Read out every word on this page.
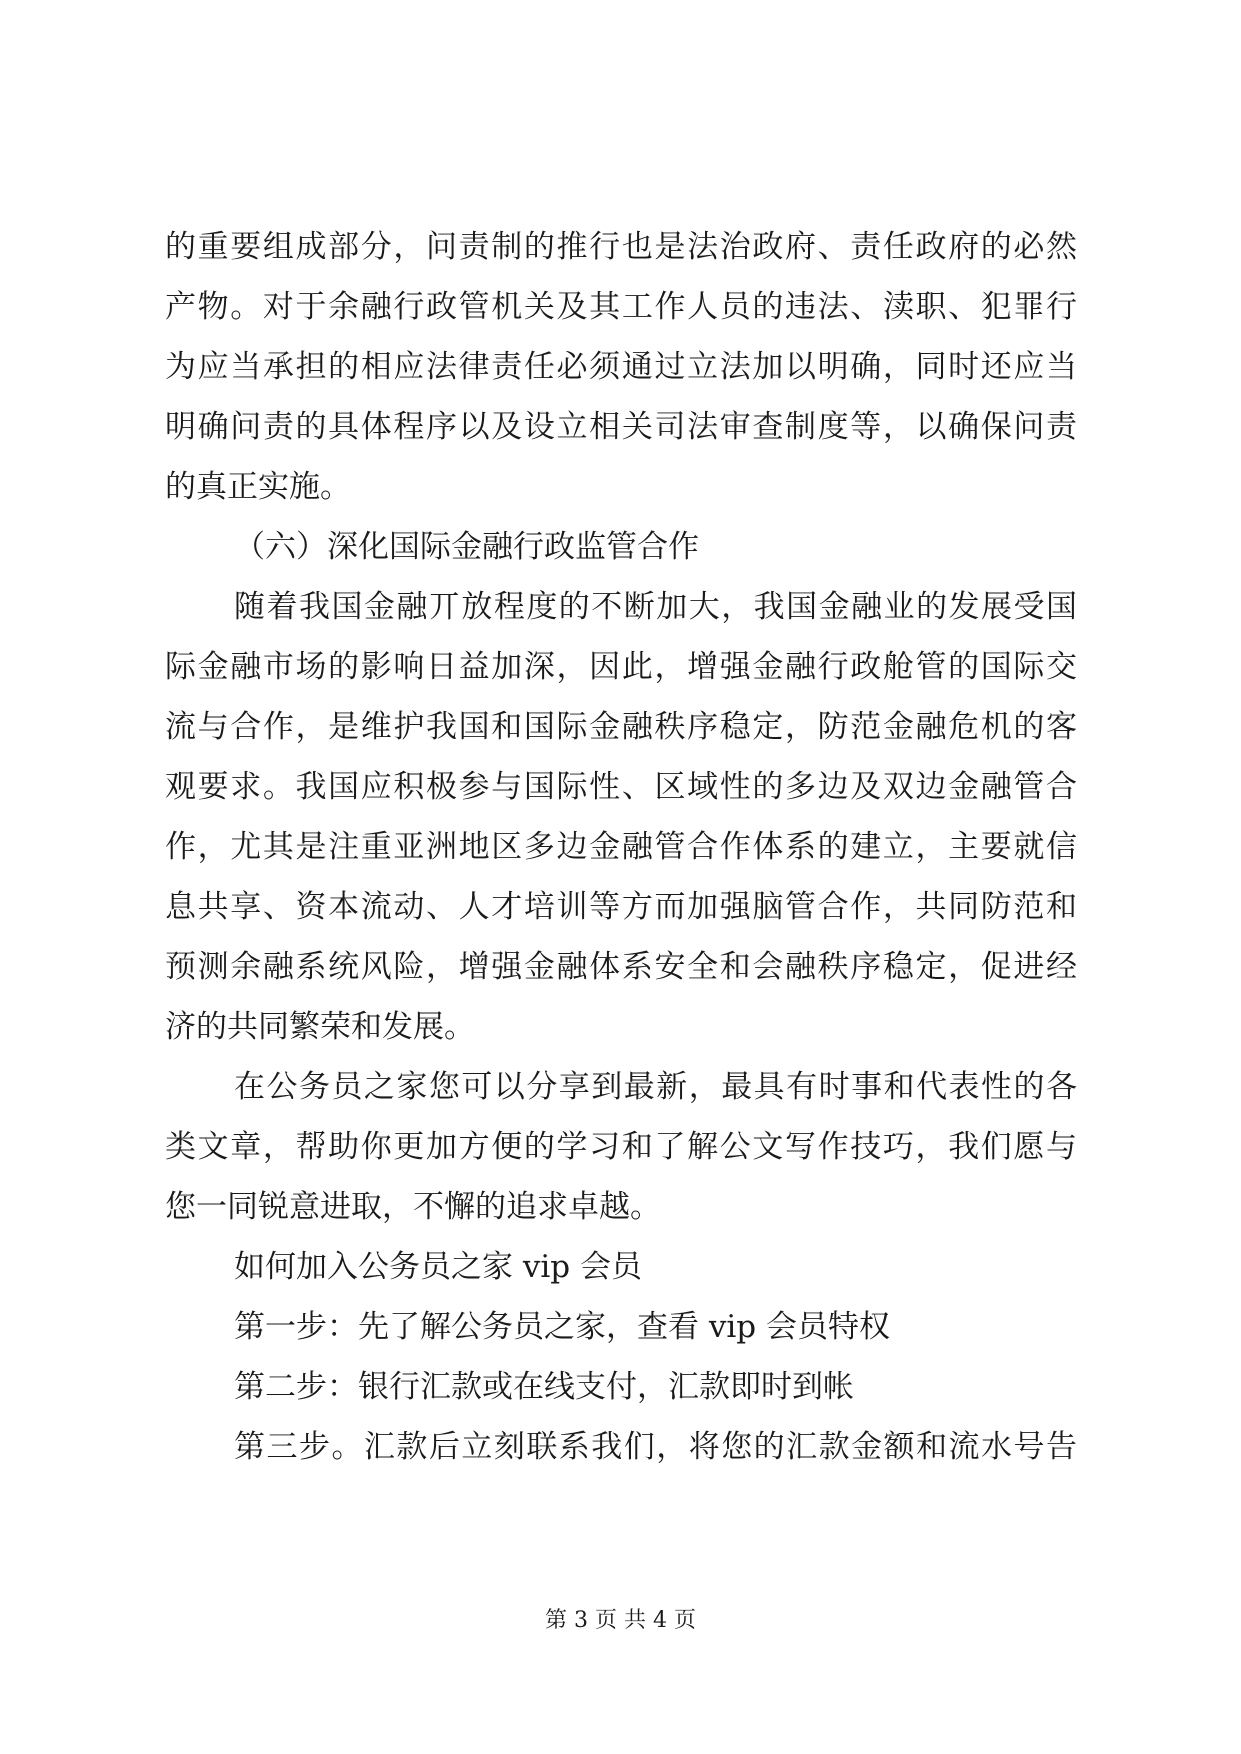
的重要组成部分，问责制的推行也是法治政府、责任政府的必然
产物。对于余融行政管机关及其工作人员的违法、渎职、犯罪行
为应当承担的相应法律责任必须通过立法加以明确，同时还应当
明确问责的具体程序以及设立相关司法审查制度等，以确保问责
的真正实施。
（六）深化国际金融行政监管合作
随着我国金融丌放程度的不断加大，我国金融业的发展受国
际金融市场的影响日益加深，因此，增强金融行政舱管的国际交
流与合作，是维护我国和国际金融秩序稳定，防范金融危机的客
观要求。我国应积极参与国际性、区域性的多边及双边金融管合
作，尤其是注重亚洲地区多边金融管合作体系的建立，主要就信
息共享、资本流动、人才培训等方而加强脑管合作，共同防范和
预测余融系统风险，增强金融体系安全和会融秩序稳定，促进经
济的共同繁荣和发展。
在公务员之家您可以分享到最新，最具有时事和代表性的各
类文章，帮助你更加方便的学习和了解公文写作技巧，我们愿与
您一同锐意进取，不懈的追求卓越。
如何加入公务员之家 vip 会员
第一步：先了解公务员之家，查看 vip 会员特权
第二步：银行汇款或在线支付，汇款即时到帐
第三步。汇款后立刻联系我们，将您的汇款金额和流水号告
第 3 页 共 4 页
